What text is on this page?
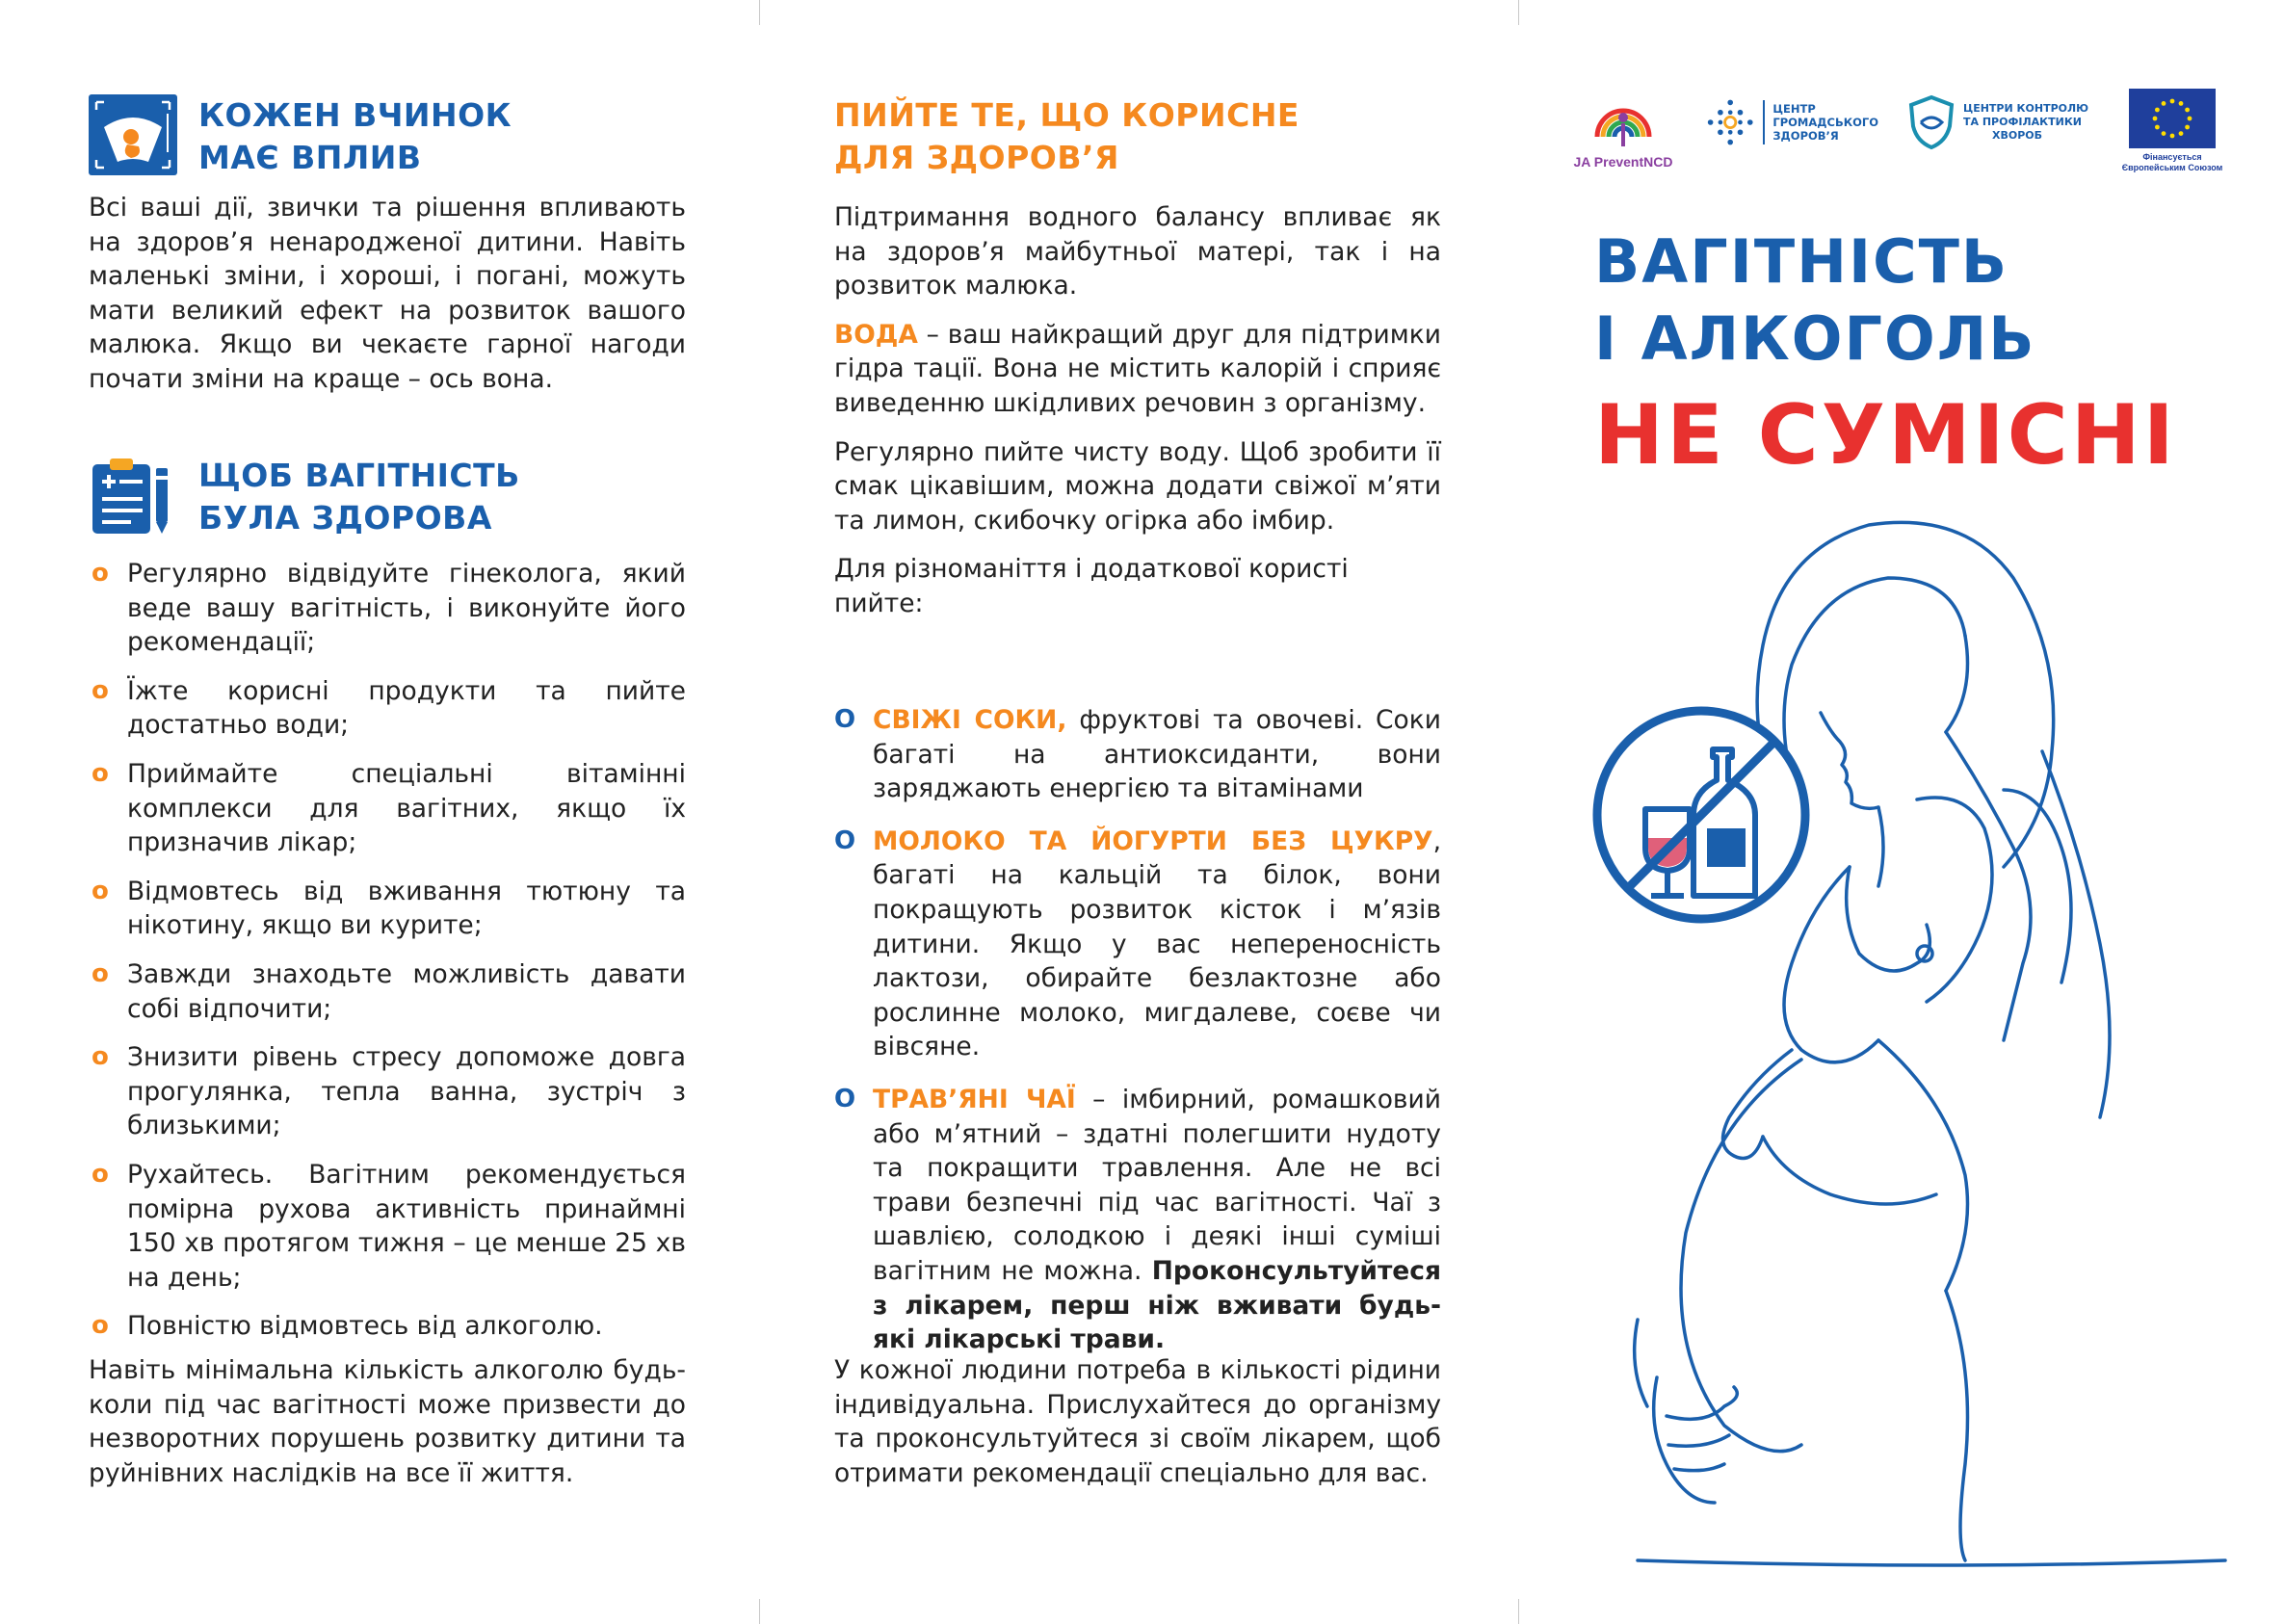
КОЖЕН ВЧИНОК
МАЄ ВПЛИВ

Всі ваші дії, звички та рішення впливають на здоров’я ненародженої дитини. Навіть маленькі зміни, і хороші, і погані, можуть мати великий ефект на розвиток вашого малюка. Якщо ви чекаєте гарної нагоди почати зміни на краще – ось вона.

ЩОБ ВАГІТНІСТЬ
БУЛА ЗДОРОВА
o Регулярно відвідуйте гінеколога, який веде вашу вагітність, і виконуйте його рекомендації;
o Їжте корисні продукти та пийте достатньо води;
o Приймайте спеціальні вітамінні комплекси для вагітних, якщо їх призначив лікар;
o Відмовтесь від вживання тютюну та нікотину, якщо ви курите;
o Завжди знаходьте можливість давати собі відпочити;
o Знизити рівень стресу допоможе довга прогулянка, тепла ванна, зустріч з близькими;
o Рухайтесь. Вагітним рекомендується помірна рухова активність принаймні 150 хв протягом тижня – це менше 25 хв на день;
o Повністю відмовтесь від алкоголю.

Навіть мінімальна кількість алкоголю будь-коли під час вагітності може призвести до незворотних порушень розвитку дитини та руйнівних наслідків на все її життя.

ПИЙТЕ ТЕ, ЩО КОРИСНЕ
ДЛЯ ЗДОРОВ’Я

Підтримання водного балансу впливає як на здоров’я майбутньої матері, так і на розвиток малюка.

ВОДА – ваш найкращий друг для підтримки гідра тації. Вона не містить калорій і сприяє виведенню шкідливих речовин з організму.

Регулярно пийте чисту воду. Щоб зробити її смак цікавішим, можна додати свіжої м’яти та лимон, скибочку огірка або імбир.

Для різноманіття і додаткової користі пийте:

O СВІЖІ СОКИ, фруктові та овочеві. Соки багаті на антиоксиданти, вони заряджають енергією та вітамінами
O МОЛОКО ТА ЙОГУРТИ БЕЗ ЦУКРУ, багаті на кальцій та білок, вони покращують розвиток кісток і м’язів дитини. Якщо у вас непереносність лактози, обирайте безлактозне або рослинне молоко, мигдалеве, соєве чи вівсяне.
O ТРАВ’ЯНІ ЧАЇ – імбирний, ромашковий або м’ятний – здатні полегшити нудоту та покращити травлення. Але не всі трави безпечні під час вагітності. Чаї з шавлією, солодкою і деякі інші суміші вагітним не можна. Проконсультуйтеся з лікарем, перш ніж вживати будь-які лікарські трави.

У кожної людини потреба в кількості рідини індивідуальна. Прислухайтеся до організму та проконсультуйтеся зі своїм лікарем, щоб отримати рекомендації спеціально для вас.

JA PreventNCD
ЦЕНТР
ГРОМАДСЬКОГО
ЗДОРОВ’Я
ЦЕНТРИ КОНТРОЛЮ
ТА ПРОФІЛАКТИКИ
ХВОРОБ
Фінансується
Європейським Союзом
ВАГІТНІСТЬ
І АЛКОГОЛЬ
НЕ СУМІСНІ
